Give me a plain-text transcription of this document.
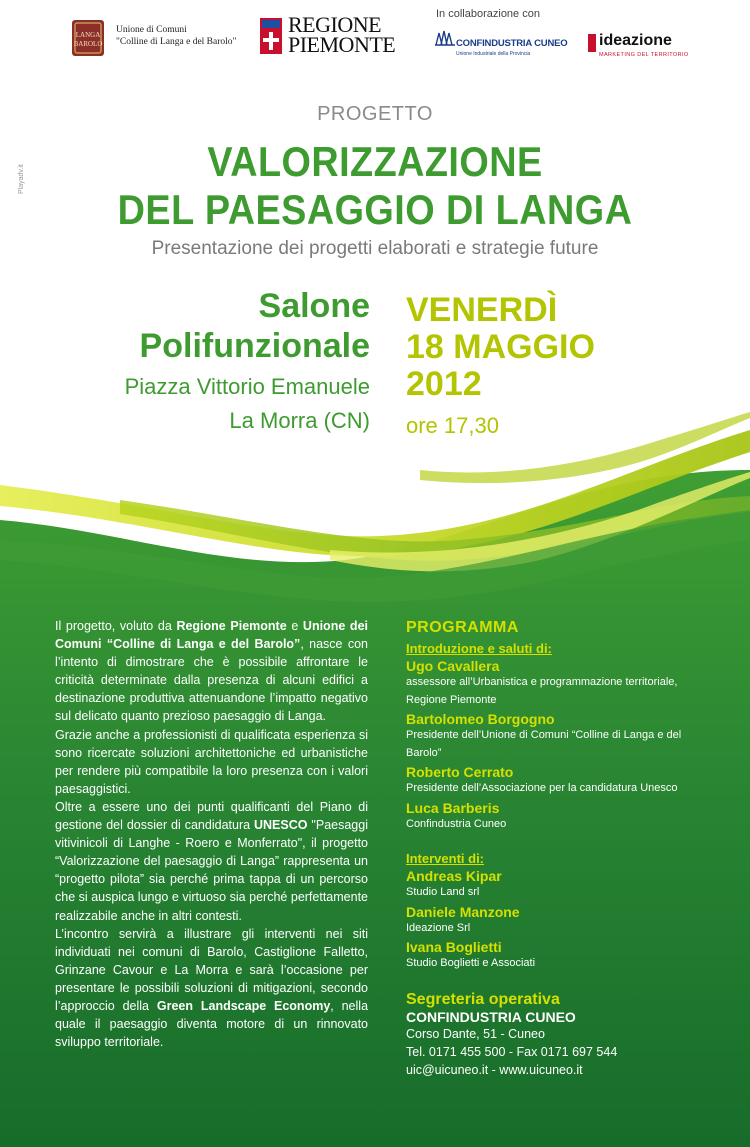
LANGA
BAROLO
Unione di Comuni
"Colline di Langa e del Barolo"
REGIONE
PIEMONTE
In collaborazione con
CONFINDUSTRIA CUNEO
Unione Industriale della Provincia
ideazione
MARKETING DEL TERRITORIO
Playadv.it
PROGETTO
VALORIZZAZIONE
DEL PAESAGGIO DI LANGA
Presentazione dei progetti elaborati e strategie future
Salone
Polifunzionale
Piazza Vittorio Emanuele
La Morra (CN)
VENERDÌ
18 MAGGIO
2012
ore 17,30

Il progetto, voluto da Regione Piemonte e Unione dei Comuni “Colline di Langa e del Barolo”, nasce con l’intento di dimostrare che è possibile affrontare le criticità determinate dalla presenza di alcuni edifici a destinazione produttiva attenuandone l’impatto negativo sul delicato quanto prezioso paesaggio di Langa.

Grazie anche a professionisti di qualificata esperienza si sono ricercate soluzioni architettoniche ed urbanistiche per rendere più compatibile la loro presenza con i valori paesaggistici.

Oltre a essere uno dei punti qualificanti del Piano di gestione del dossier di candidatura UNESCO "Paesaggi vitivinicoli di Langhe - Roero e Monferrato", il progetto “Valorizzazione del paesaggio di Langa” rappresenta un “progetto pilota” sia perché prima tappa di un percorso che si auspica lungo e virtuoso sia perché perfettamente realizzabile anche in altri contesti.

L’incontro servirà a illustrare gli interventi nei siti individuati nei comuni di Barolo, Castiglione Falletto, Grinzane Cavour e La Morra e sarà l’occasione per presentare le possibili soluzioni di mitigazioni, secondo l’approccio della Green Landscape Economy, nella quale il paesaggio diventa motore di un rinnovato sviluppo territoriale.

PROGRAMMA
Introduzione e saluti di:
Ugo Cavallera
assessore all’Urbanistica e programmazione territoriale, Regione Piemonte
Bartolomeo Borgogno
Presidente dell’Unione di Comuni “Colline di Langa e del Barolo”
Roberto Cerrato
Presidente dell’Associazione per la candidatura Unesco
Luca Barberis
Confindustria Cuneo
Interventi di:
Andreas Kipar
Studio Land srl
Daniele Manzone
Ideazione Srl
Ivana Boglietti
Studio Boglietti e Associati
Segreteria operativa
CONFINDUSTRIA CUNEO
Corso Dante, 51 - Cuneo
Tel. 0171 455 500 - Fax 0171 697 544
uic@uicuneo.it - www.uicuneo.it
